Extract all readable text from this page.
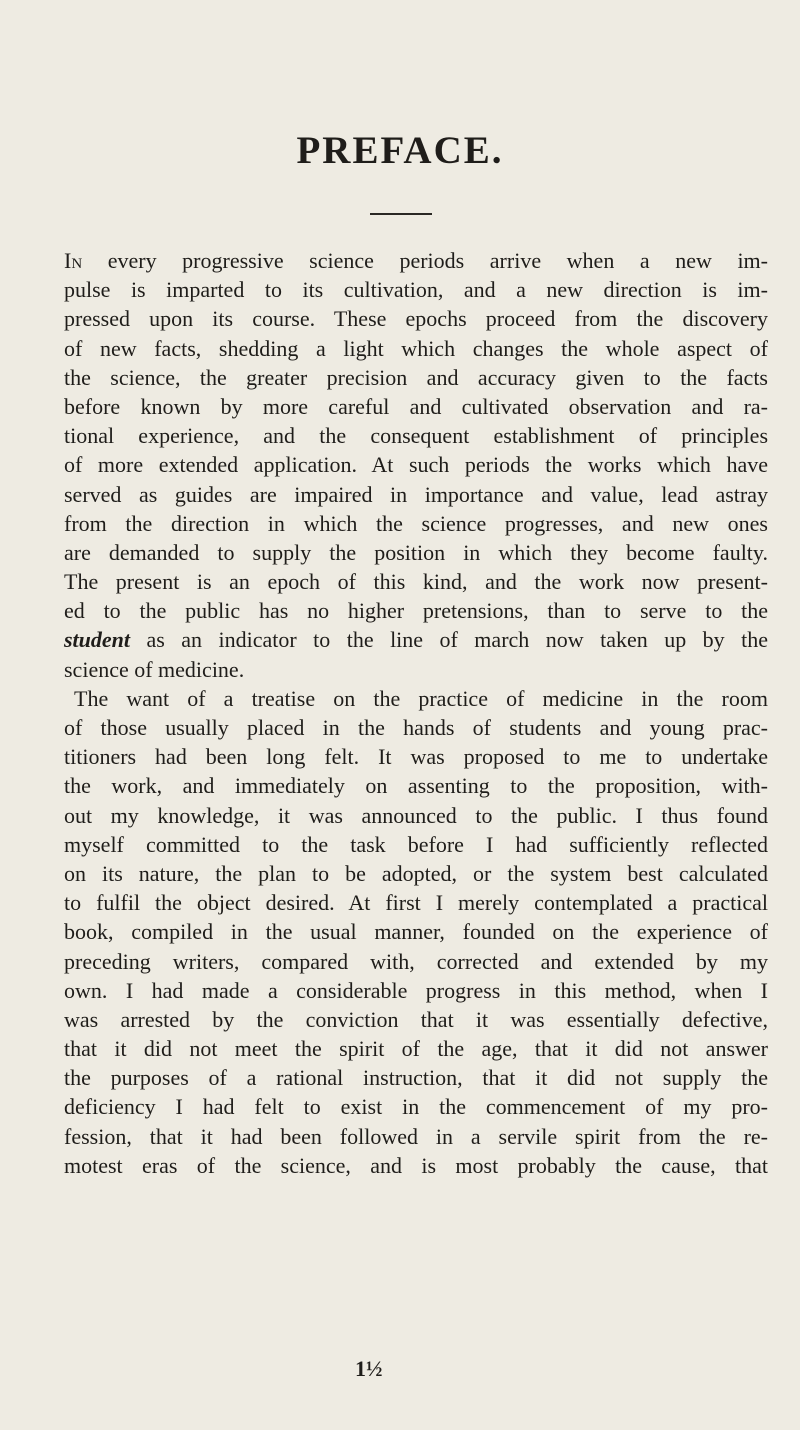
PREFACE.
In every progressive science periods arrive when a new im-
pulse is imparted to its cultivation, and a new direction is im-
pressed upon its course. These epochs proceed from the discovery
of new facts, shedding a light which changes the whole aspect of
the science, the greater precision and accuracy given to the facts
before known by more careful and cultivated observation and ra-
tional experience, and the consequent establishment of principles
of more extended application. At such periods the works which have
served as guides are impaired in importance and value, lead astray
from the direction in which the science progresses, and new ones
are demanded to supply the position in which they become faulty.
The present is an epoch of this kind, and the work now present-
ed to the public has no higher pretensions, than to serve to the
student as an indicator to the line of march now taken up by the
science of medicine.
The want of a treatise on the practice of medicine in the room
of those usually placed in the hands of students and young prac-
titioners had been long felt. It was proposed to me to undertake
the work, and immediately on assenting to the proposition, with-
out my knowledge, it was announced to the public. I thus found
myself committed to the task before I had sufficiently reflected
on its nature, the plan to be adopted, or the system best calculated
to fulfil the object desired. At first I merely contemplated a practical
book, compiled in the usual manner, founded on the experience of
preceding writers, compared with, corrected and extended by my
own. I had made a considerable progress in this method, when I
was arrested by the conviction that it was essentially defective,
that it did not meet the spirit of the age, that it did not answer
the purposes of a rational instruction, that it did not supply the
deficiency I had felt to exist in the commencement of my pro-
fession, that it had been followed in a servile spirit from the re-
motest eras of the science, and is most probably the cause, that
1½
